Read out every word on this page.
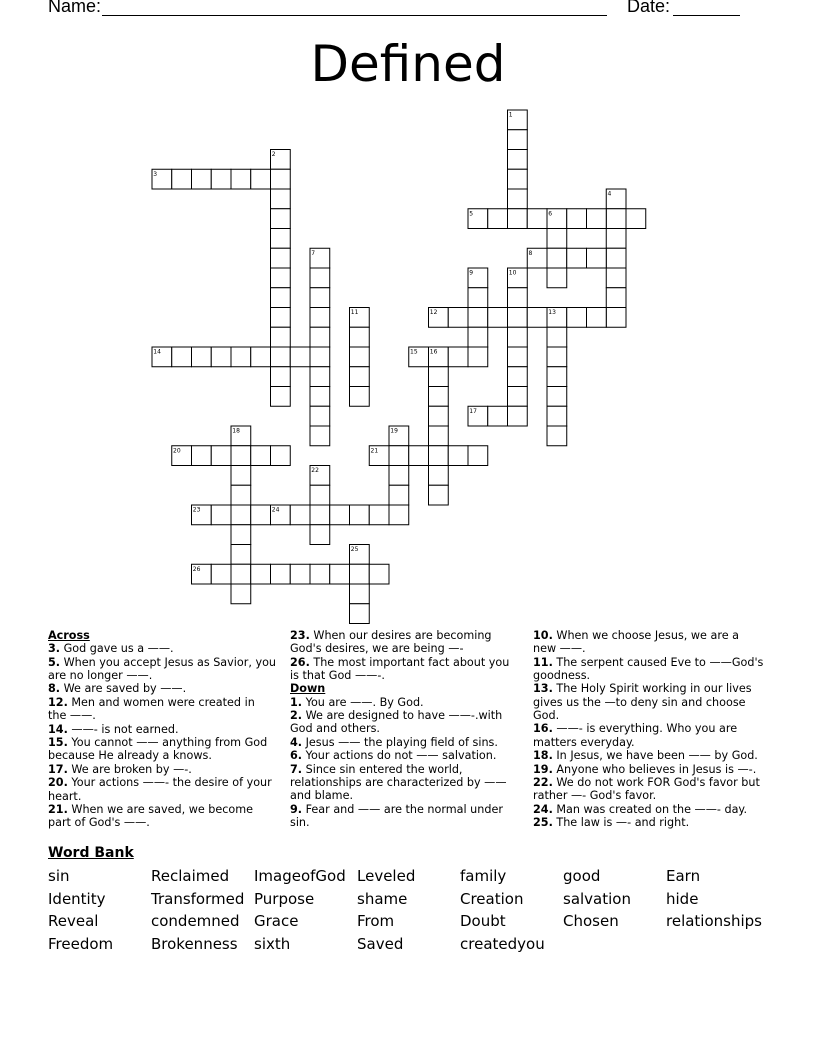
Name:	Date:
Defined
1
2
3
4
5	6
7	8
9	10
11	12	13
14	15 16
17
18	19
20	21
22
23	24
25
26
Across
3. God gave us a ——.
5. When you accept Jesus as Savior, you are no longer ——.
8. We are saved by ——.
12. Men and women were created in the ——.
14. ——- is not earned.
15. You cannot —— anything from God because He already a knows.
17. We are broken by —-.
20. Your actions ——- the desire of your heart.
21. When we are saved, we become part of God's ——.
23. When our desires are becoming God's desires, we are being —-
26. The most important fact about you is that God ——-.
Down
1. You are ——. By God.
2. We are designed to have ——-.with God and others.
4. Jesus —— the playing field of sins.
6. Your actions do not —— salvation.
7. Since sin entered the world, relationships are characterized by —— and blame.
9. Fear and —— are the normal under sin.
10. When we choose Jesus, we are a new ——.
11. The serpent caused Eve to ——God's goodness.
13. The Holy Spirit working in our lives gives us the —to deny sin and choose God.
16. ——- is everything. Who you are matters everyday.
18. In Jesus, we have been —— by God.
19. Anyone who believes in Jesus is —-.
22. We do not work FOR God's favor but rather —- God's favor.
24. Man was created on the ——- day.
25. The law is —- and right.
Word Bank
sin	Reclaimed	ImageofGod Leveled	family	good	Earn
Identity	Transformed Purpose	shame	Creation	salvation	hide
Reveal	condemned Grace	From	Doubt	Chosen	relationships
Freedom	Brokenness	sixth	Saved	createdyou
